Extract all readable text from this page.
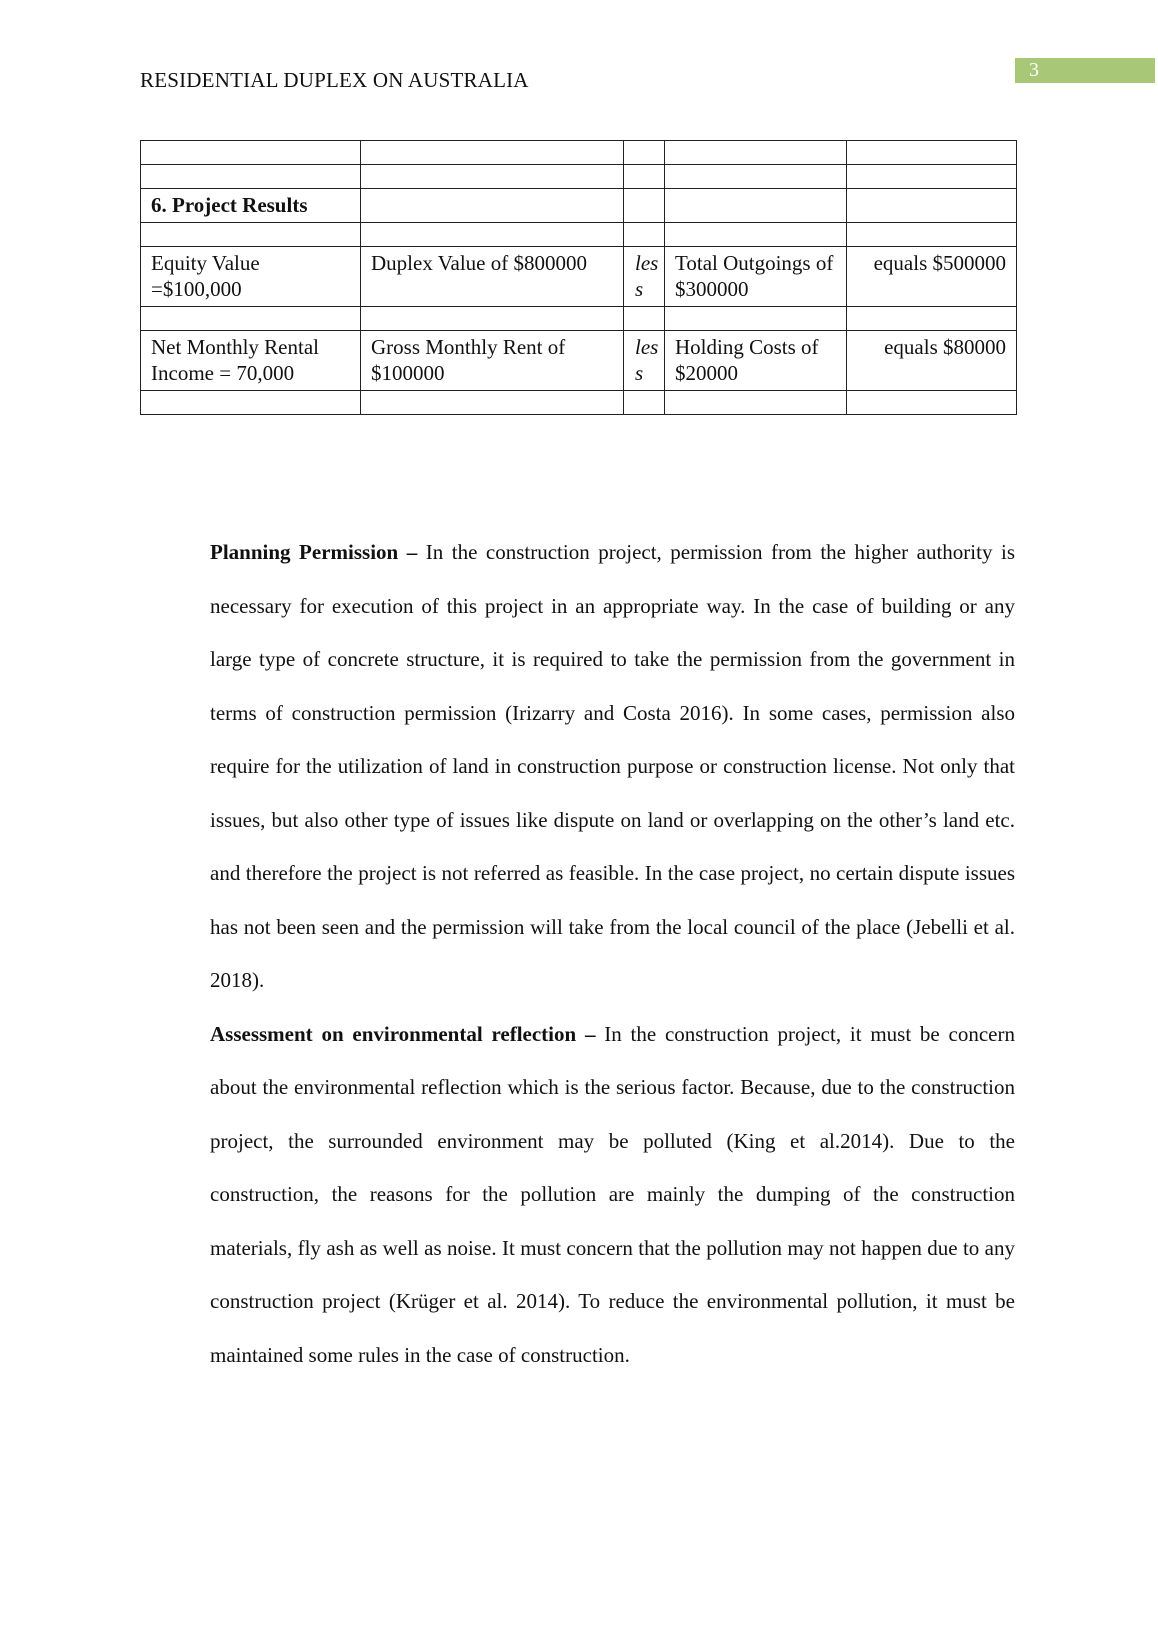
3
RESIDENTIAL DUPLEX ON AUSTRALIA

6. Project Results				

Equity Value =$100,000	Duplex Value of $800000	less	Total Outgoings of $300000	equals $500000

Net Monthly Rental Income = 70,000	Gross Monthly Rent of $100000	less	Holding Costs of $20000	equals $80000

Planning Permission – In the construction project, permission from the higher authority is necessary for execution of this project in an appropriate way. In the case of building or any large type of concrete structure, it is required to take the permission from the government in terms of construction permission (Irizarry and Costa 2016). In some cases, permission also require for the utilization of land in construction purpose or construction license. Not only that issues, but also other type of issues like dispute on land or overlapping on the other’s land etc. and therefore the project is not referred as feasible. In the case project, no certain dispute issues has not been seen and the permission will take from the local council of the place (Jebelli et al. 2018).

Assessment on environmental reflection – In the construction project, it must be concern about the environmental reflection which is the serious factor. Because, due to the construction project, the surrounded environment may be polluted (King et al.2014). Due to the construction, the reasons for the pollution are mainly the dumping of the construction materials, fly ash as well as noise. It must concern that the pollution may not happen due to any construction project (Krüger et al. 2014). To reduce the environmental pollution, it must be maintained some rules in the case of construction.
